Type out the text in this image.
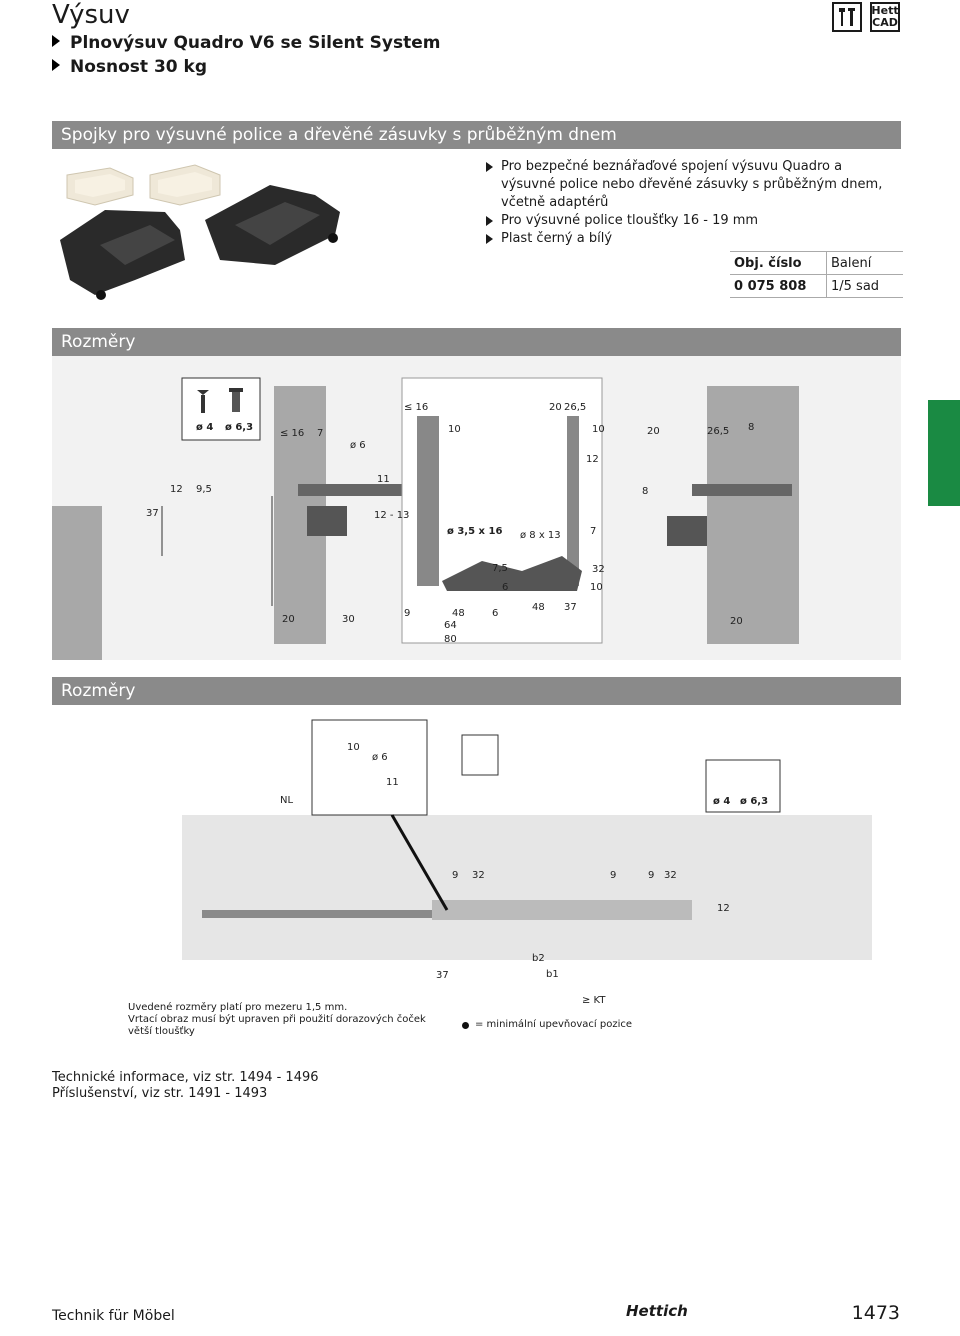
Výsuv
Plnovýsuv Quadro V6 se Silent System
Nosnost 30 kg
Hett
CAD
Spojky pro výsuvné police a dřevěné zásuvky s průběžným dnem
Pro bezpečné beznářaďové spojení výsuvu Quadro a výsuvné police nebo dřevěné zásuvky s průběžným dnem, včetně adaptérů
Pro výsuvné police tloušťky 16 - 19 mm
Plast černý a bílý
Obj. číslo	Balení
0 075 808	1/5 sad
Rozměry
ø 4 ø 6,3
≤ 16 7
ø 6
≤ 16
10
20 26,5
10
12
20	26,5 8
11
12 9,5
37	12 - 13
8
ø 3,5 x 16 ø 8 x 13	7
7,5	32
6	10
9	48	6
48 37
64
80
20	30	20
Rozměry
10
ø 6
11
NL	ø 4 ø 6,3
9 32	9	9 32
12
37
b2
b1
≥ KT
Uvedené rozměry platí pro mezeru 1,5 mm.
Vrtací obraz musí být upraven při použití dorazových čoček
větší tloušťky
= minimální upevňovací pozice
Technické informace, viz str. 1494 - 1496
Příslušenství, viz str. 1491 - 1493
Technik für Möbel	Hettich	1473
